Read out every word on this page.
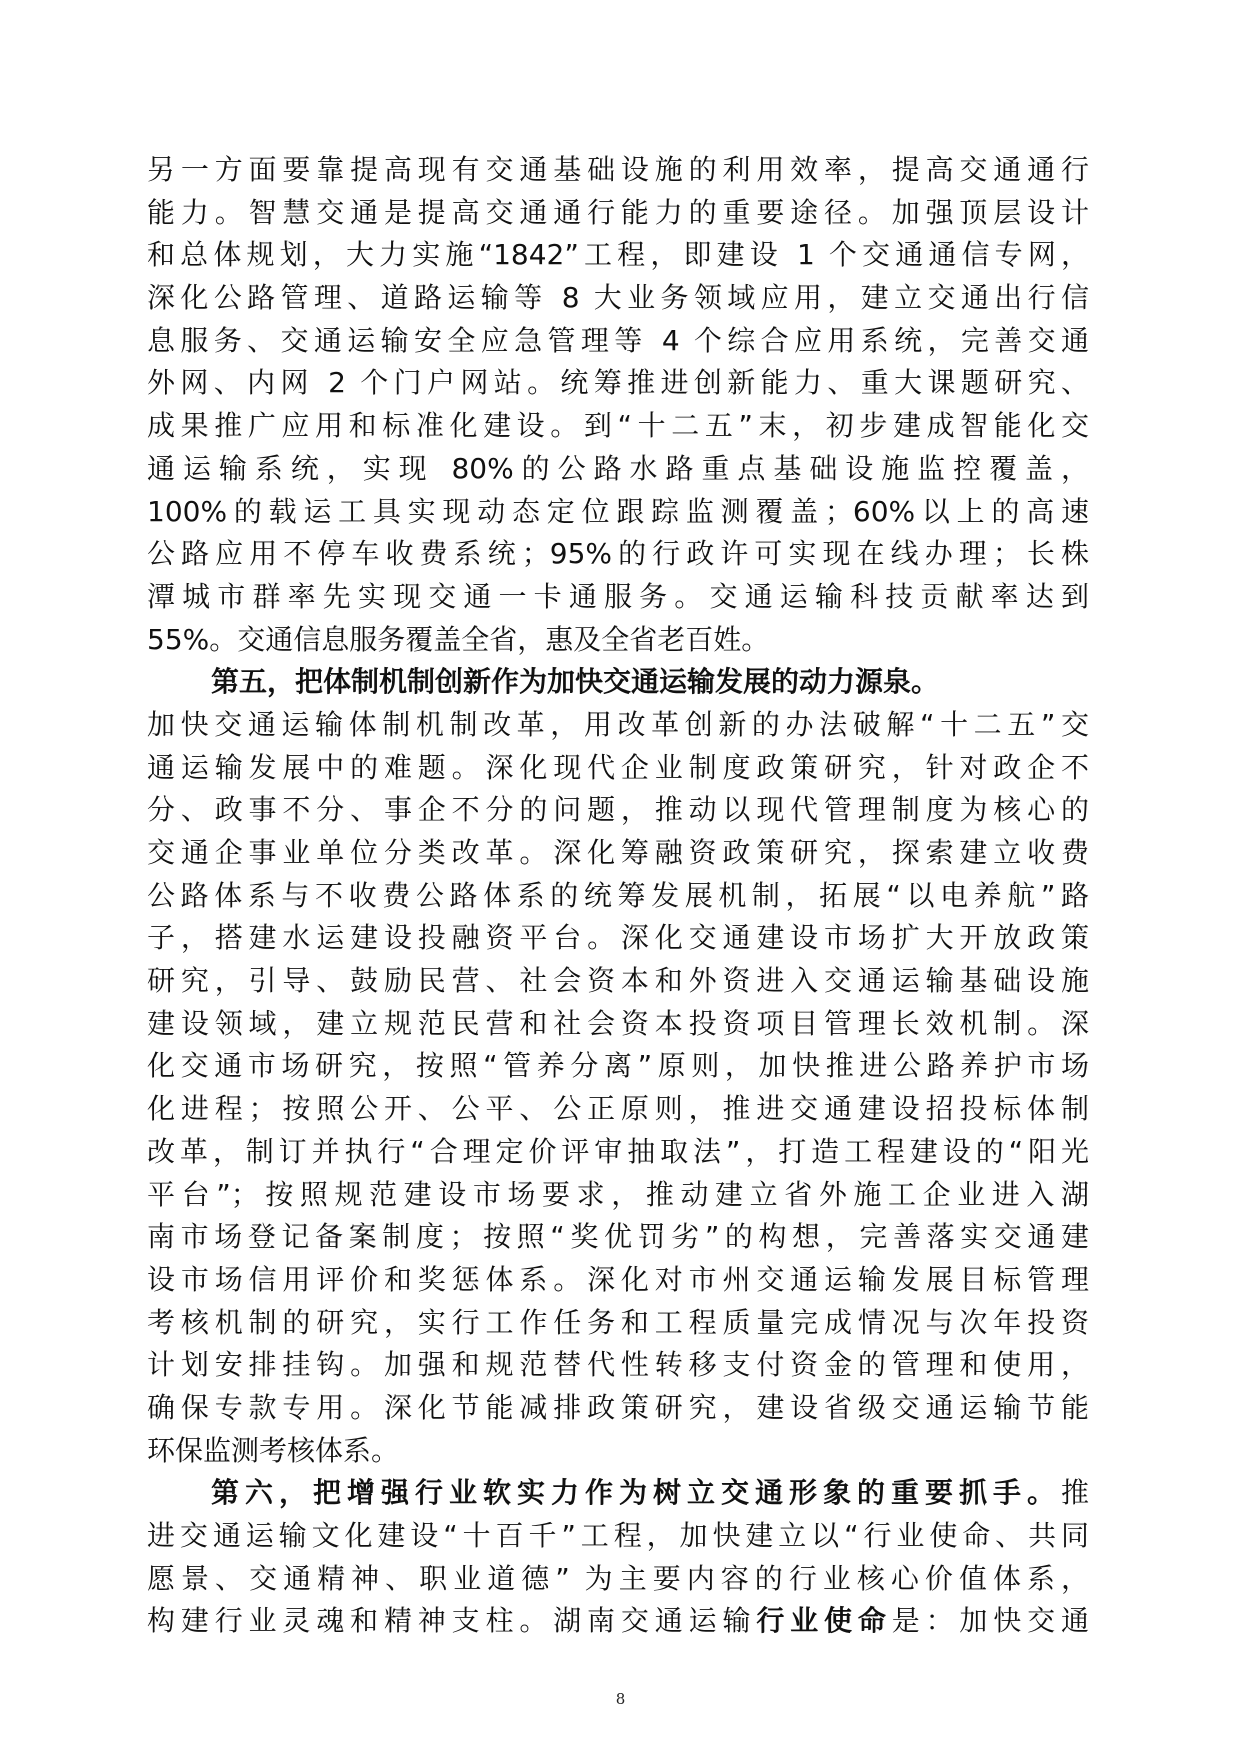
另一方面要靠提高现有交通基础设施的利用效率，提高交通通行
能力。智慧交通是提高交通通行能力的重要途径。加强顶层设计
和总体规划，大力实施“1842”工程，即建设 1 个交通通信专网，
深化公路管理、道路运输等 8 大业务领域应用，建立交通出行信
息服务、交通运输安全应急管理等 4 个综合应用系统，完善交通
外网、内网 2 个门户网站。统筹推进创新能力、重大课题研究、
成果推广应用和标准化建设。到“十二五”末，初步建成智能化交
通运输系统，实现 80%的公路水路重点基础设施监控覆盖，
100%的载运工具实现动态定位跟踪监测覆盖；60%以上的高速
公路应用不停车收费系统；95%的行政许可实现在线办理；长株
潭城市群率先实现交通一卡通服务。交通运输科技贡献率达到
55%。交通信息服务覆盖全省，惠及全省老百姓。
第五，把体制机制创新作为加快交通运输发展的动力源泉。
加快交通运输体制机制改革，用改革创新的办法破解“十二五”交
通运输发展中的难题。深化现代企业制度政策研究，针对政企不
分、政事不分、事企不分的问题，推动以现代管理制度为核心的
交通企事业单位分类改革。深化筹融资政策研究，探索建立收费
公路体系与不收费公路体系的统筹发展机制，拓展“以电养航”路
子，搭建水运建设投融资平台。深化交通建设市场扩大开放政策
研究，引导、鼓励民营、社会资本和外资进入交通运输基础设施
建设领域，建立规范民营和社会资本投资项目管理长效机制。深
化交通市场研究，按照“管养分离”原则，加快推进公路养护市场
化进程；按照公开、公平、公正原则，推进交通建设招投标体制
改革，制订并执行“合理定价评审抽取法”，打造工程建设的“阳光
平台”；按照规范建设市场要求，推动建立省外施工企业进入湖
南市场登记备案制度；按照“奖优罚劣”的构想，完善落实交通建
设市场信用评价和奖惩体系。深化对市州交通运输发展目标管理
考核机制的研究，实行工作任务和工程质量完成情况与次年投资
计划安排挂钩。加强和规范替代性转移支付资金的管理和使用，
确保专款专用。深化节能减排政策研究，建设省级交通运输节能
环保监测考核体系。
第六，把增强行业软实力作为树立交通形象的重要抓手。推
进交通运输文化建设“十百千”工程，加快建立以“行业使命、共同
愿景、交通精神、职业道德” 为主要内容的行业核心价值体系，
构建行业灵魂和精神支柱。湖南交通运输行业使命是：加快交通
8
